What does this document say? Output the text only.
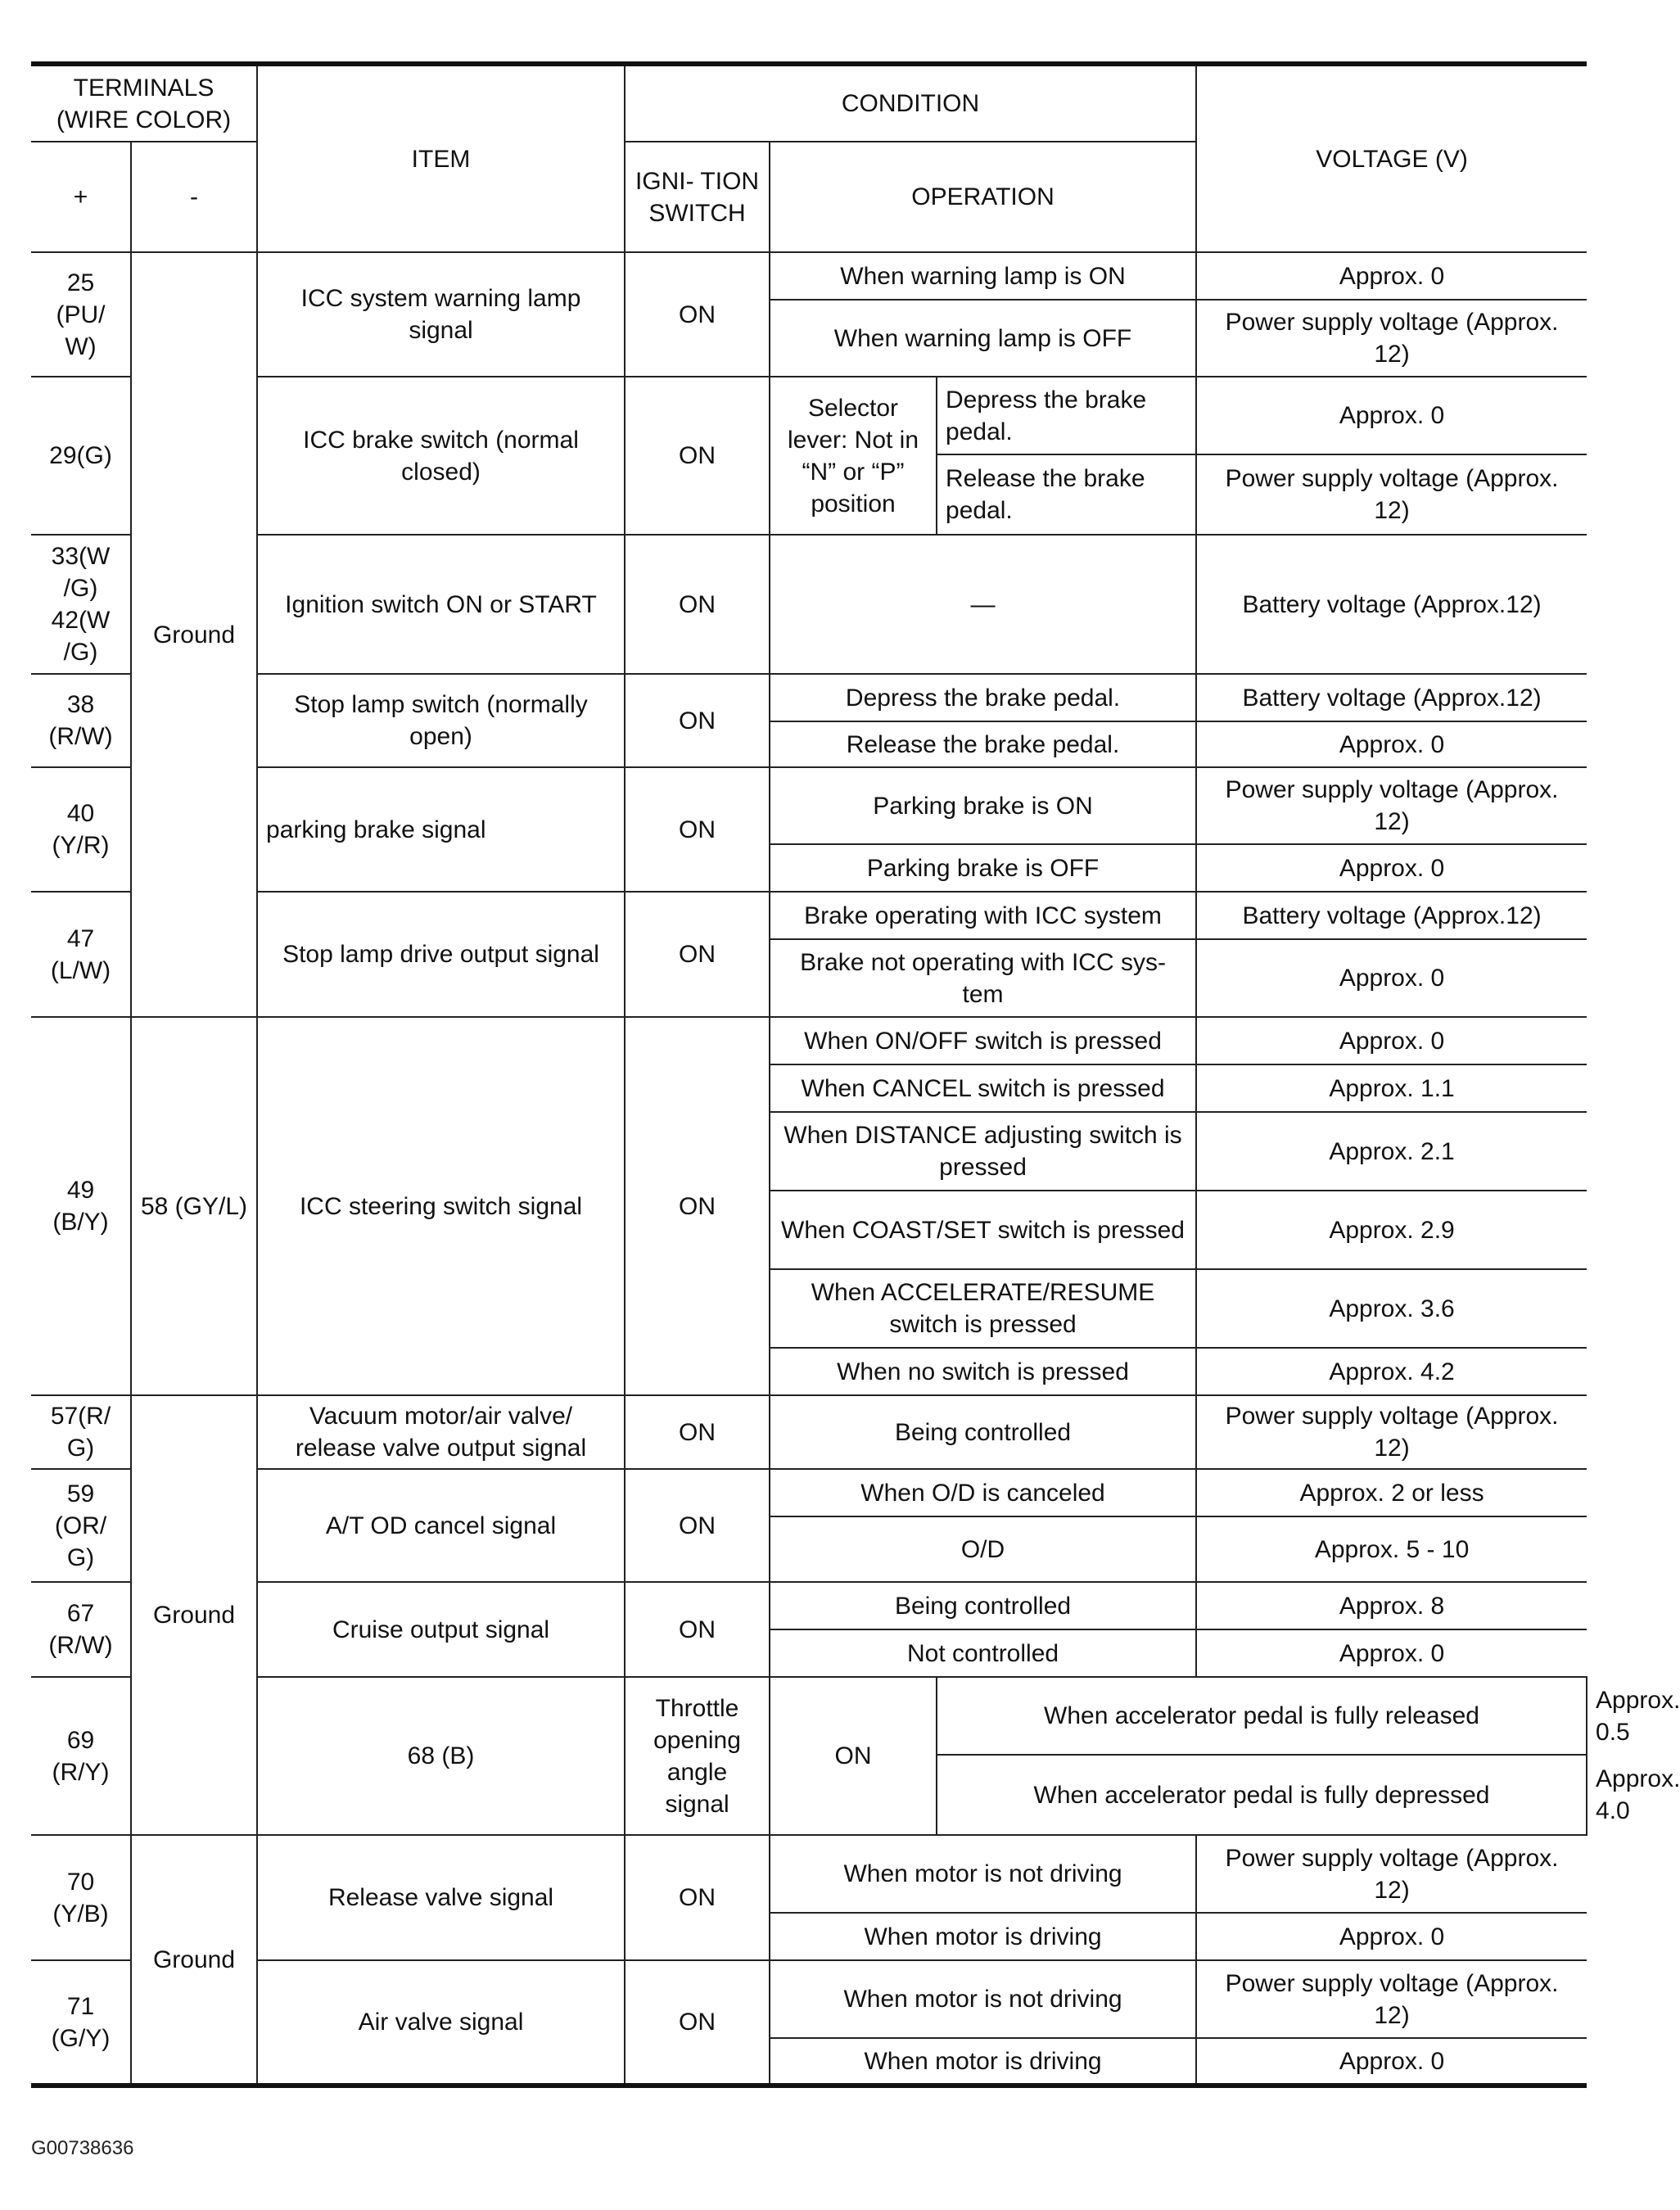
TERMINALS (WIRE COLOR)		ITEM	CONDITION			VOLTAGE (V)	
+	-		IGNI- TION SWITCH	OPERATION			
25 (PU/ W)	Ground	ICC system warning lamp signal	ON	When warning lamp is ON		Approx. 0	
				When warning lamp is OFF		Power supply voltage (Approx. 12)	
29(G)		ICC brake switch (normal closed)	ON	Selector lever: Not in “N” or “P” position	Depress the brake pedal.	Approx. 0	
					Release the brake pedal.	Power supply voltage (Approx. 12)	
33(W /G) 42(W /G)		Ignition switch ON or START	ON	—		Battery voltage (Approx.12)	
38 (R/W)		Stop lamp switch (normally open)	ON	Depress the brake pedal.		Battery voltage (Approx.12)	
				Release the brake pedal.		Approx. 0	
40 (Y/R)		parking brake signal	ON	Parking brake is ON		Power supply voltage (Approx. 12)	
				Parking brake is OFF		Approx. 0	
47 (L/W)		Stop lamp drive output signal	ON	Brake operating with ICC system		Battery voltage (Approx.12)	
				Brake not operating with ICC sys- tem		Approx. 0	
49 (B/Y)	58 (GY/L)	ICC steering switch signal	ON	When ON/OFF switch is pressed		Approx. 0	
				When CANCEL switch is pressed		Approx. 1.1	
				When DISTANCE adjusting switch is pressed		Approx. 2.1	
				When COAST/SET switch is pressed		Approx. 2.9	
				When ACCELERATE/RESUME switch is pressed		Approx. 3.6	
				When no switch is pressed		Approx. 4.2	
57(R/ G)	Ground	Vacuum motor/air valve/ release valve output signal	ON	Being controlled		Power supply voltage (Approx. 12)	
59 (OR/ G)		A/T OD cancel signal	ON	When O/D is canceled		Approx. 2 or less	
				O/D		Approx. 5 - 10	
67 (R/W)		Cruise output signal	ON	Being controlled		Approx. 8	
				Not controlled		Approx. 0	
69 (R/Y)		68 (B)	Throttle opening angle signal	ON	When accelerator pedal is fully released		Approx. 0.5
					When accelerator pedal is fully depressed		Approx. 4.0
70 (Y/B)	Ground	Release valve signal	ON	When motor is not driving		Power supply voltage (Approx. 12)	
				When motor is driving		Approx. 0	
71 (G/Y)		Air valve signal	ON	When motor is not driving		Power supply voltage (Approx. 12)	
				When motor is driving		Approx. 0	
G00738636
